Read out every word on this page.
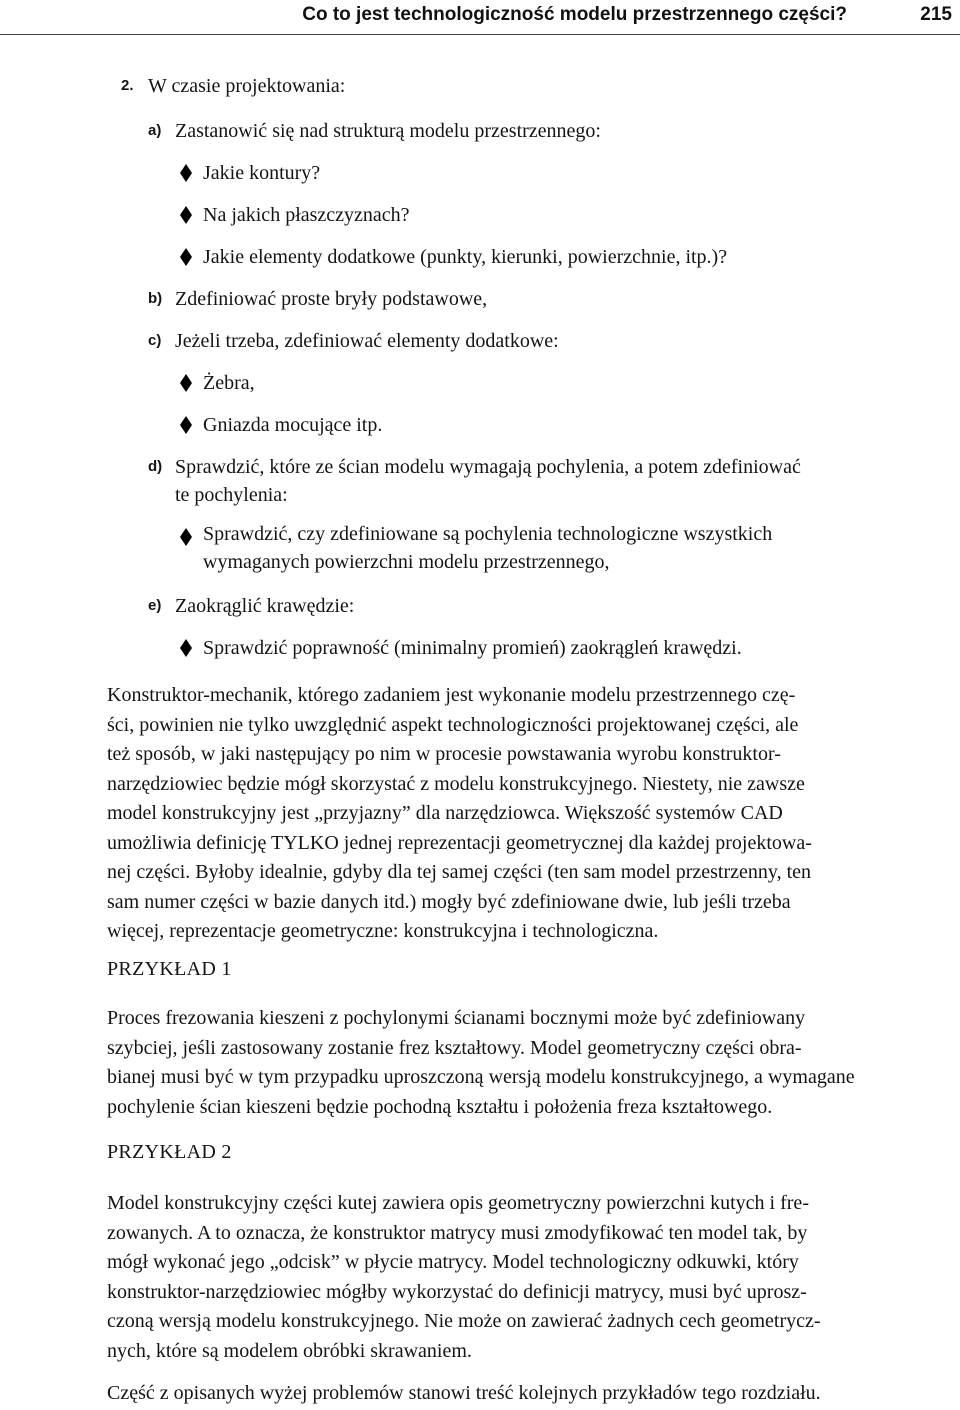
Co to jest technologiczność modelu przestrzennego części?	215
2. W czasie projektowania:
a) Zastanowić się nad strukturą modelu przestrzennego:
Jakie kontury?
Na jakich płaszczyznach?
Jakie elementy dodatkowe (punkty, kierunki, powierzchnie, itp.)?
b) Zdefiniować proste bryły podstawowe,
c) Jeżeli trzeba, zdefiniować elementy dodatkowe:
Żebra,
Gniazda mocujące itp.
d) Sprawdzić, które ze ścian modelu wymagają pochylenia, a potem zdefiniować
te pochylenia:
Sprawdzić, czy zdefiniowane są pochylenia technologiczne wszystkich
wymaganych powierzchni modelu przestrzennego,
e) Zaokrąglić krawędzie:
Sprawdzić poprawność (minimalny promień) zaokrągleń krawędzi.
Konstruktor-mechanik, którego zadaniem jest wykonanie modelu przestrzennego czę-
ści, powinien nie tylko uwzględnić aspekt technologiczności projektowanej części, ale
też sposób, w jaki następujący po nim w procesie powstawania wyrobu konstruktor-
narzędziowiec będzie mógł skorzystać z modelu konstrukcyjnego. Niestety, nie zawsze
model konstrukcyjny jest „przyjazny” dla narzędziowca. Większość systemów CAD
umożliwia definicję TYLKO jednej reprezentacji geometrycznej dla każdej projektowa-
nej części. Byłoby idealnie, gdyby dla tej samej części (ten sam model przestrzenny, ten
sam numer części w bazie danych itd.) mogły być zdefiniowane dwie, lub jeśli trzeba
więcej, reprezentacje geometryczne: konstrukcyjna i technologiczna.
PRZYKŁAD 1
Proces frezowania kieszeni z pochylonymi ścianami bocznymi może być zdefiniowany
szybciej, jeśli zastosowany zostanie frez kształtowy. Model geometryczny części obra-
bianej musi być w tym przypadku uproszczoną wersją modelu konstrukcyjnego, a wymagane
pochylenie ścian kieszeni będzie pochodną kształtu i położenia freza kształtowego.
PRZYKŁAD 2
Model konstrukcyjny części kutej zawiera opis geometryczny powierzchni kutych i fre-
zowanych. A to oznacza, że konstruktor matrycy musi zmodyfikować ten model tak, by
mógł wykonać jego „odcisk” w płycie matrycy. Model technologiczny odkuwki, który
konstruktor-narzędziowiec mógłby wykorzystać do definicji matrycy, musi być uprosz-
czoną wersją modelu konstrukcyjnego. Nie może on zawierać żadnych cech geometrycz-
nych, które są modelem obróbki skrawaniem.
Część z opisanych wyżej problemów stanowi treść kolejnych przykładów tego rozdziału.
